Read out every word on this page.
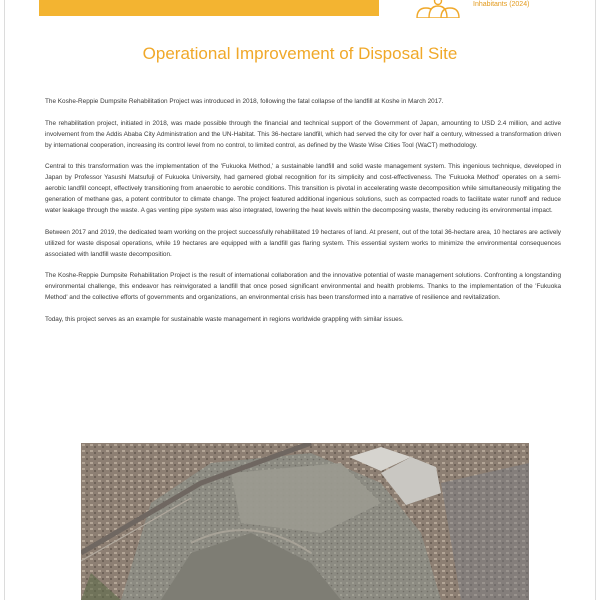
Inhabitants (2024)
Operational Improvement of Disposal Site

The Koshe-Reppie Dumpsite Rehabilitation Project was introduced in 2018, following the fatal collapse of the landfill at Koshe in March 2017.

The rehabilitation project, initiated in 2018, was made possible through the financial and technical support of the Government of Japan, amounting to USD 2.4 million, and active involvement from the Addis Ababa City Administration and the UN-Habitat. This 36-hectare landfill, which had served the city for over half a century, witnessed a transformation driven by international cooperation, increasing its control level from no control, to limited control, as defined by the Waste Wise Cities Tool (WaCT) methodology.

Central to this transformation was the implementation of the 'Fukuoka Method,' a sustainable landfill and solid waste management system. This ingenious technique, developed in Japan by Professor Yasushi Matsufuji of Fukuoka University, had garnered global recognition for its simplicity and cost-effectiveness. The 'Fukuoka Method' operates on a semi-aerobic landfill concept, effectively transitioning from anaerobic to aerobic conditions. This transition is pivotal in accelerating waste decomposition while simultaneously mitigating the generation of methane gas, a potent contributor to climate change. The project featured additional ingenious solutions, such as compacted roads to facilitate water runoff and reduce water leakage through the waste. A gas venting pipe system was also integrated, lowering the heat levels within the decomposing waste, thereby reducing its environmental impact.

Between 2017 and 2019, the dedicated team working on the project successfully rehabilitated 19 hectares of land. At present, out of the total 36-hectare area, 10 hectares are actively utilized for waste disposal operations, while 19 hectares are equipped with a landfill gas flaring system. This essential system works to minimize the environmental consequences associated with landfill waste decomposition.

The Koshe-Reppie Dumpsite Rehabilitation Project is the result of international collaboration and the innovative potential of waste management solutions. Confronting a longstanding environmental challenge, this endeavor has reinvigorated a landfill that once posed significant environmental and health problems. Thanks to the implementation of the 'Fukuoka Method' and the collective efforts of governments and organizations, an environmental crisis has been transformed into a narrative of resilience and revitalization.

Today, this project serves as an example for sustainable waste management in regions worldwide grappling with similar issues.
